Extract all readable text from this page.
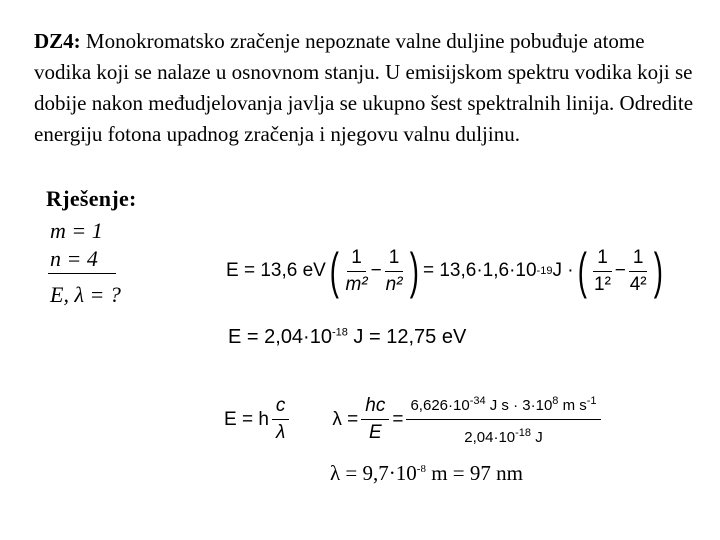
DZ4: Monokromatsko zračenje nepoznate valne duljine pobuđuje atome vodika koji se nalaze u osnovnom stanju. U emisijskom spektru vodika koji se dobije nakon međudjelovanja javlja se ukupno šest spektralnih linija. Odredite energiju fotona upadnog zračenja i njegovu valnu duljinu.
Rješenje:
m = 1
n = 4
E, λ = ?
E = 13,6 eV ( $\frac{1}{\text{m²}} - \frac{1}{\text{n²}}$ ) = 13,6·1,6·10 -19 J · ( $\frac{1}{\text{1²}} - \frac{1}{\text{4²}}$ )
$E = 2,04\cdot 10^{-18}$ J = 12,75 eV
E = h $\frac{c}{\lambda}$ $\lambda = \frac{hc}{E} = \frac{6,626\cdot 10^{-34} J s \cdot 3\cdot 10^8 m s^{-1}}{2,04\cdot 10^{-18} J}$
$\lambda = 9,7\cdot 10^{-8}$ m = 97 nm
